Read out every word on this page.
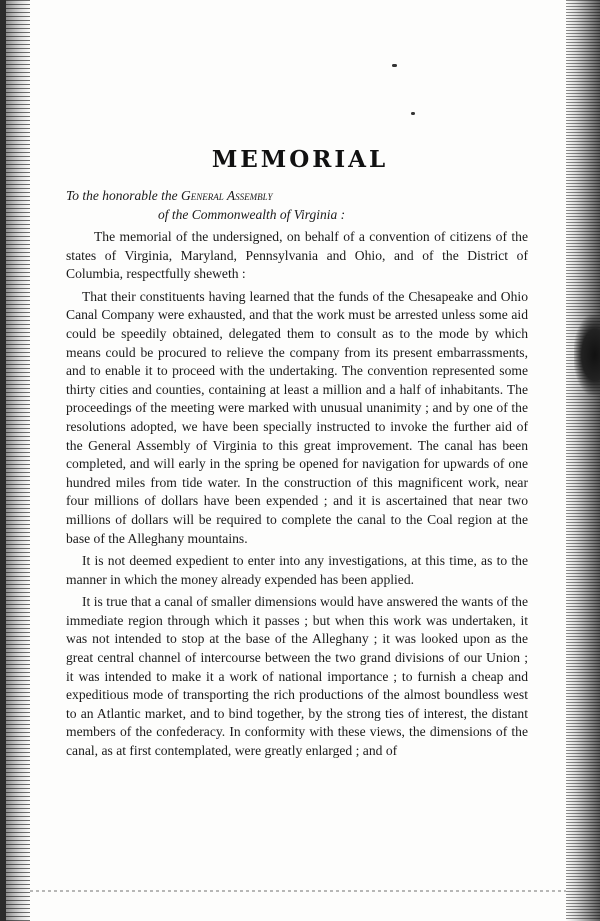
MEMORIAL
To the honorable the General Assembly
of the Commonwealth of Virginia :

The memorial of the undersigned, on behalf of a convention of citizens of the states of Virginia, Maryland, Pennsylvania and Ohio, and of the District of Columbia, respectfully sheweth :

That their constituents having learned that the funds of the Chesapeake and Ohio Canal Company were exhausted, and that the work must be arrested unless some aid could be speedily obtained, delegated them to consult as to the mode by which means could be procured to relieve the company from its present embarrassments, and to enable it to proceed with the undertaking. The convention represented some thirty cities and counties, containing at least a million and a half of inhabitants. The proceedings of the meeting were marked with unusual unanimity ; and by one of the resolutions adopted, we have been specially instructed to invoke the further aid of the General Assembly of Virginia to this great improvement. The canal has been completed, and will early in the spring be opened for navigation for upwards of one hundred miles from tide water. In the construction of this magnificent work, near four millions of dollars have been expended ; and it is ascertained that near two millions of dollars will be required to complete the canal to the Coal region at the base of the Alleghany mountains.

It is not deemed expedient to enter into any investigations, at this time, as to the manner in which the money already expended has been applied.

It is true that a canal of smaller dimensions would have answered the wants of the immediate region through which it passes ; but when this work was undertaken, it was not intended to stop at the base of the Alleghany ; it was looked upon as the great central channel of intercourse between the two grand divisions of our Union ; it was intended to make it a work of national importance ; to furnish a cheap and expeditious mode of transporting the rich productions of the almost boundless west to an Atlantic market, and to bind together, by the strong ties of interest, the distant members of the confederacy. In conformity with these views, the dimensions of the canal, as at first contemplated, were greatly enlarged ; and of
